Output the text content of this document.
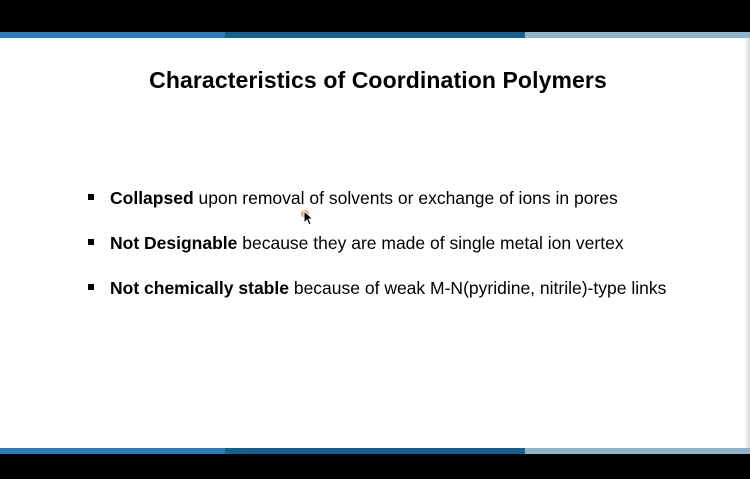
Characteristics of Coordination Polymers
Collapsed upon removal of solvents or exchange of ions in pores
Not Designable because they are made of single metal ion vertex
Not chemically stable because of weak M-N(pyridine, nitrile)-type links
